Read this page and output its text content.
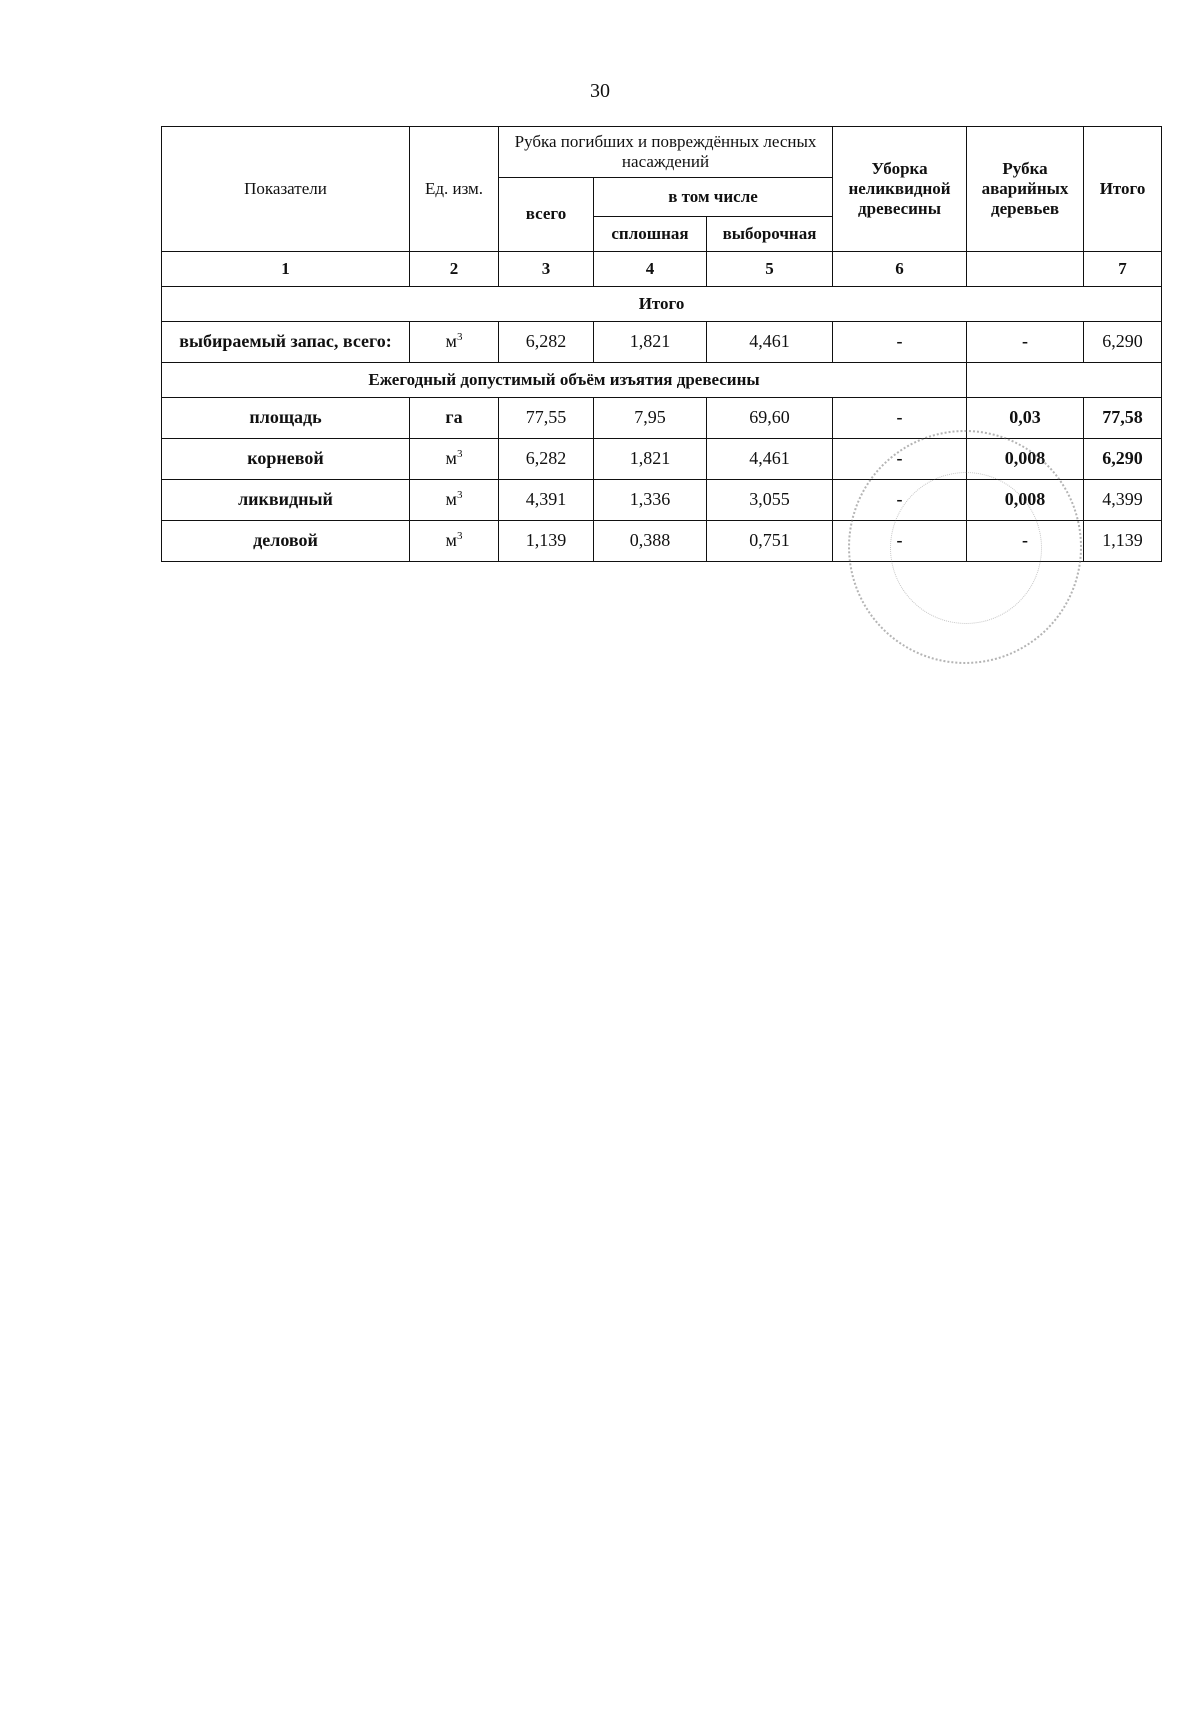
30
Показатели	Ед. изм.	Рубка погибших и повреждённых лесных насаждений			Уборка неликвидной древесины	Рубка аварийных деревьев	Итого
		всего	в том числе				
			сплошная	выборочная			
1	2	3	4	5	6		7
Итого							
выбираемый запас, всего:	$м^3$	6,282	1,821	4,461	-	-	6,290
Ежегодный допустимый объём изъятия древесины							
площадь	га	77,55	7,95	69,60	-	0,03	77,58
корневой	$м^3$	6,282	1,821	4,461	-	0,008	6,290
ликвидный	$м^3$	4,391	1,336	3,055	-	0,008	4,399
деловой	$м^3$	1,139	0,388	0,751	-	-	1,139
